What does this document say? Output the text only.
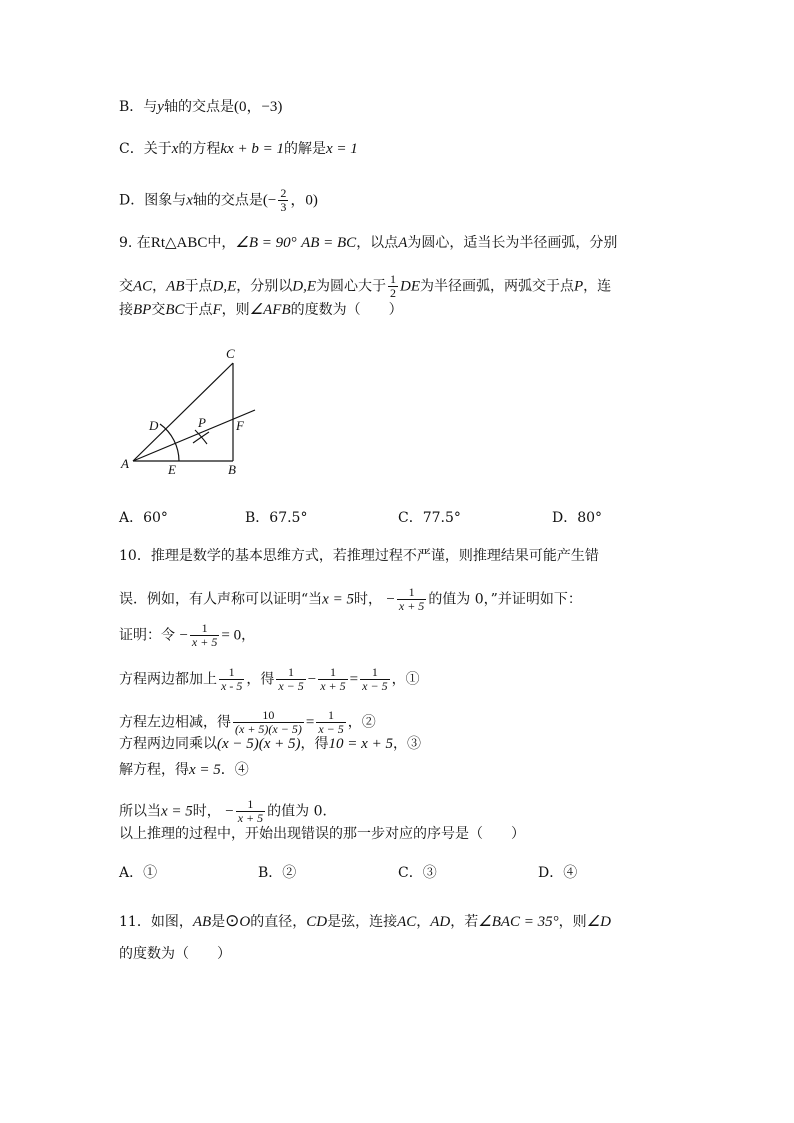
B．与y轴的交点是(0，−3)
C．关于x的方程kx + b = 1的解是x = 1
D．图象与x轴的交点是(− $\frac{2}{3}$ ，0)
9. 在Rt△ABC中，∠B = 90° AB = BC，以点A为圆心，适当长为半径画弧，分别
交AC，AB于点D,E，分别以D,E为圆心大于 $\frac{1}{2}$ DE为半径画弧，两弧交于点P，连
接BP交BC于点F，则∠AFB的度数为（　　）
C
D	P F
A	E	B
A．60°	B．67.5°	C．77.5°	D．80°
10．推理是数学的基本思维方式，若推理过程不严谨，则推理结果可能产生错
误．例如，有人声称可以证明“当x = 5时， − $\frac{1}{x + 5}$ 的值为 0，”并证明如下：
证明：令 − $\frac{1}{x + 5} = 0$，
方程两边都加上 $\frac{1}{x - 5}$ ，得 $\frac{1}{x - 5} - \frac{1}{x + 5} = \frac{1}{x - 5}$ ，①
方程左边相减，得 $\frac{10}{(x + 5)(x - 5)} = \frac{1}{x - 5}$ ，②
方程两边同乘以(x − 5)(x + 5)，得10 = x + 5，③
解方程，得x = 5．④
所以当x = 5时， − $\frac{1}{x + 5}$ 的值为 0．
以上推理的过程中，开始出现错误的那一步对应的序号是（　　）
A．①	B．②	C．③	D．④
11．如图，AB是⊙O的直径，CD是弦，连接AC，AD，若∠BAC = 35°，则∠D
的度数为（　　）
